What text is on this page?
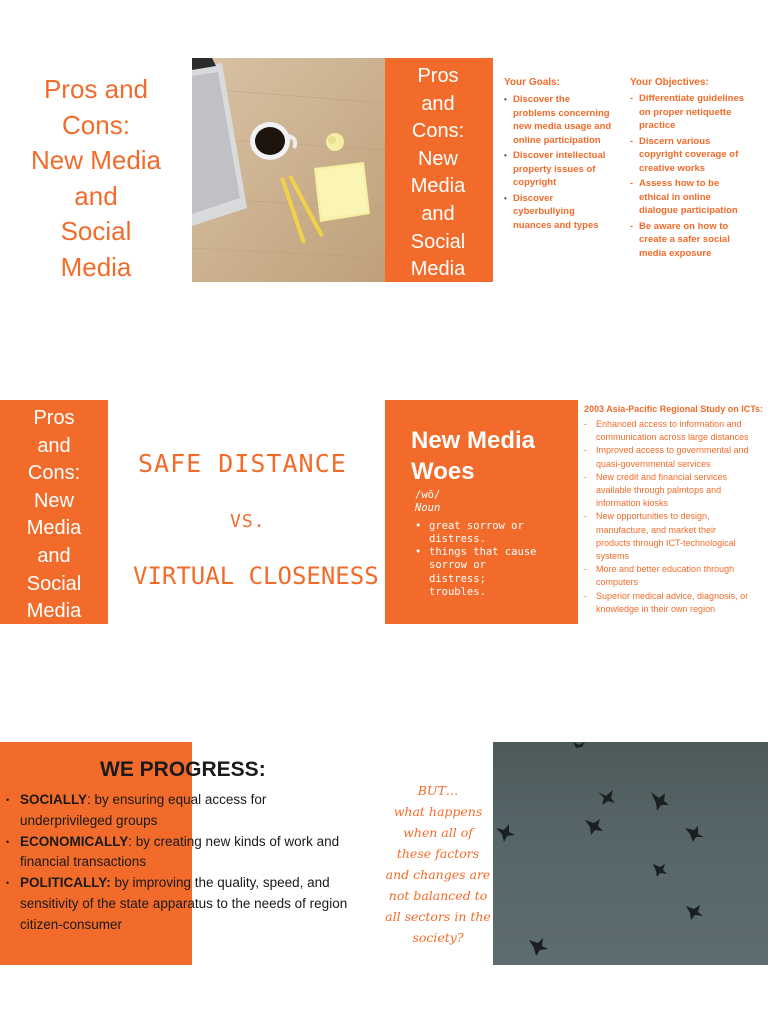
Pros and
Cons:
New Media
and
Social
Media
Pros
and
Cons:
New
Media
and
Social
Media
Your Goals:
• Discover the
problems concerning
new media usage and
online participation
• Discover intellectual
property issues of
copyright
• Discover
cyberbullying
nuances and types
Your Objectives:
- Differentiate guidelines
on proper netiquette
practice
- Discern various
copyright coverage of
creative works
- Assess how to be
ethical in online
dialogue participation
- Be aware on how to
create a safer social
media exposure
Pros
and
Cons:
New
Media
and
Social
Media
SAFE DISTANCE
VS.
VIRTUAL CLOSENESS
New Media
Woes
/wō/
Noun
• great sorrow or
distress.
• things that cause
sorrow or
distress;
troubles.
2003 Asia-Pacific Regional Study on ICTs:
- Enhanced access to information and
communication across large distances
- Improved access to governmental and
quasi-governmental services
- New credit and financial services
available through palmtops and
information kiosks
- New opportunities to design,
manufacture, and market their
products through ICT-technological
systems
- More and better education through
computers
- Superior medical advice, diagnosis, or
knowledge in their own region
WE PROGRESS:
• SOCIALLY: by ensuring equal access for
underprivileged groups
• ECONOMICALLY: by creating new kinds of work and
financial transactions
• POLITICALLY: by improving the quality, speed, and
sensitivity of the state apparatus to the needs of region
citizen-consumer
BUT…
what happens
when all of
these factors
and changes are
not balanced to
all sectors in the
society?
